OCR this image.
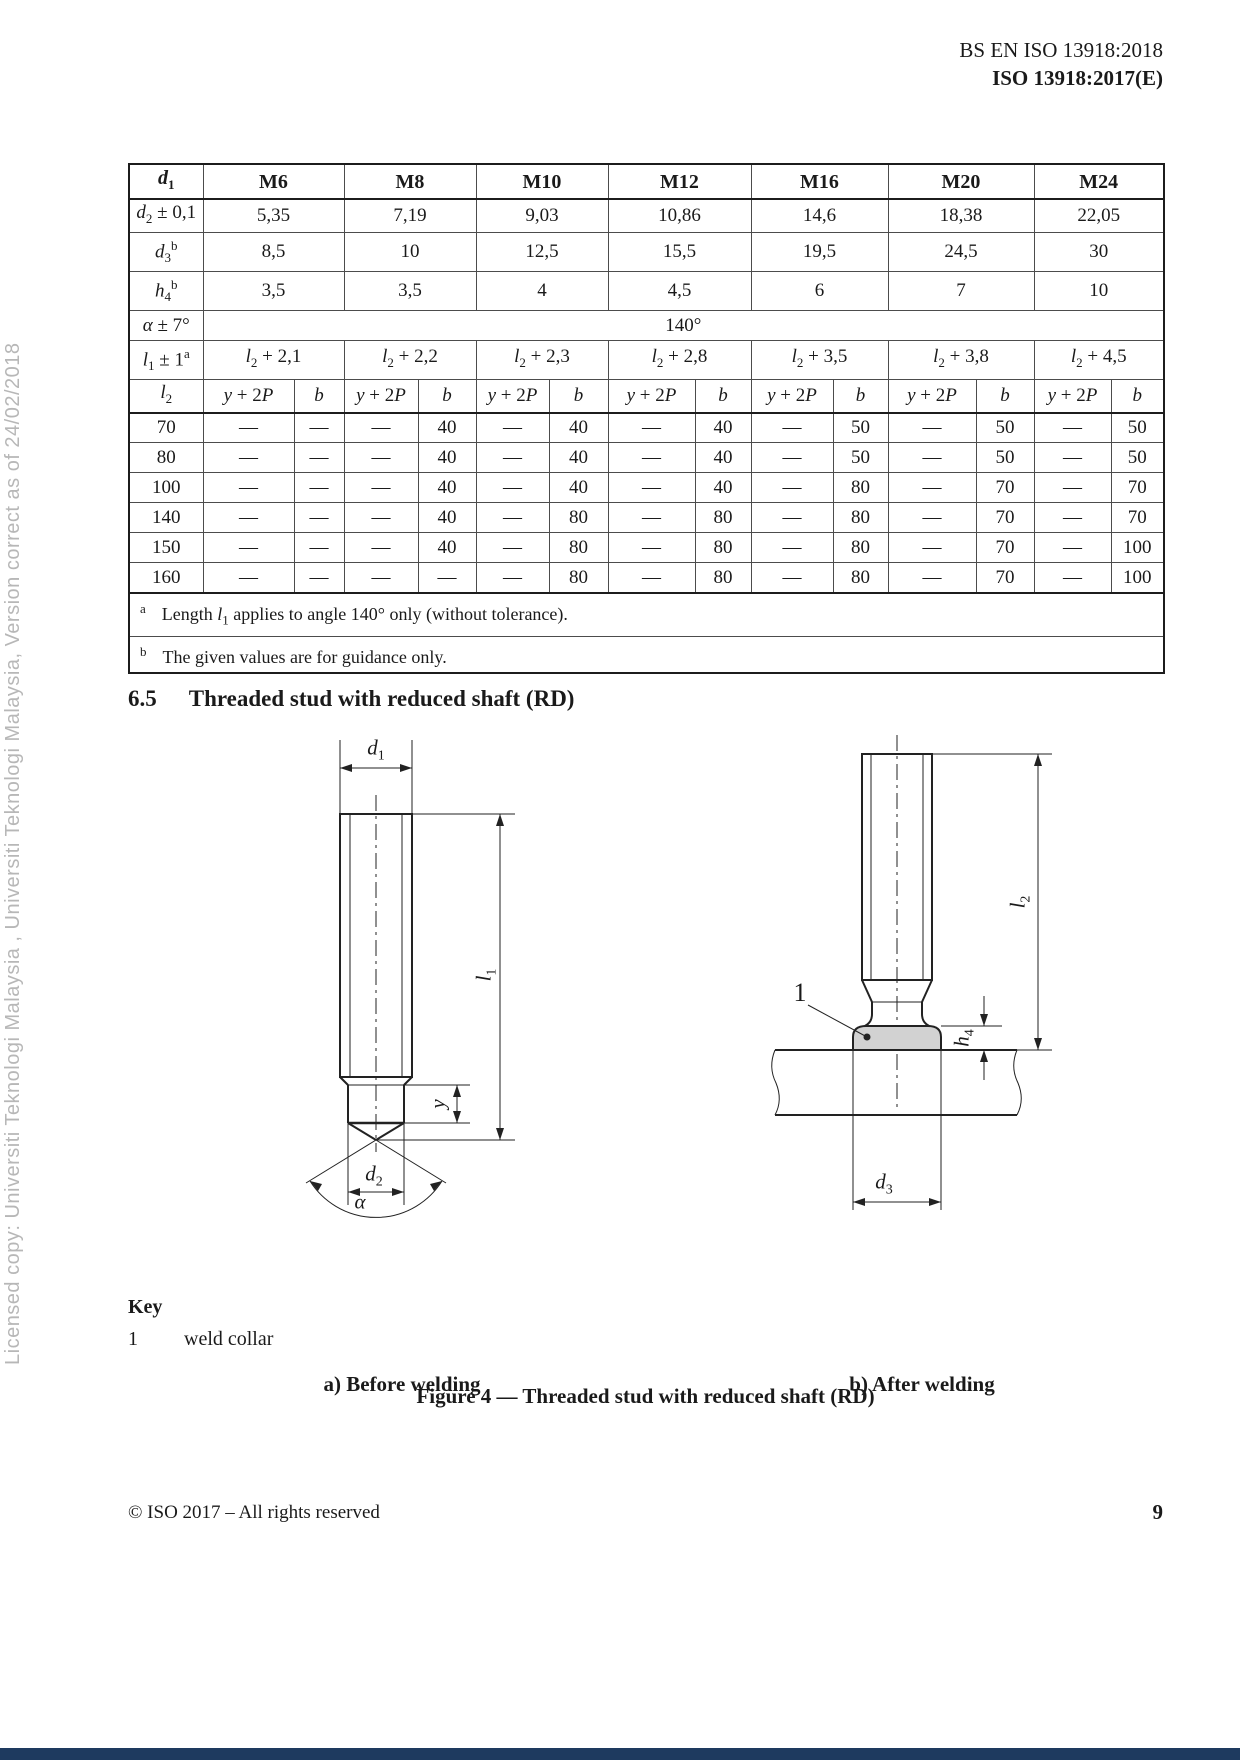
Licensed copy: Universiti Teknologi Malaysia , Universiti Teknologi Malaysia, Version correct as of 24/02/2018
BS EN ISO 13918:2018
ISO 13918:2017(E)
$d_1$	M6		M8		M10		M12		M16		M20		M24	
$d_2 \pm 0,1$	5,35		7,19		9,03		10,86		14,6		18,38		22,05	
$d_3^b$	8,5		10		12,5		15,5		19,5		24,5		30	
$h_4^b$	3,5		3,5		4		4,5		6		7		10	
α ± 7°	140°													
$l_1 \pm 1^a$	$l_2 + 2,1$		$l_2 + 2,2$		$l_2 + 2,3$		$l_2 + 2,8$		$l_2 + 3,5$		$l_2 + 3,8$		$l_2 + 4,5$	
$l_2$	y + 2P	b	y + 2P	b	y + 2P	b	y + 2P	b	y + 2P	b	y + 2P	b	y + 2P	b
70	—	—	—	40	—	40	—	40	—	50	—	50	—	50
80	—	—	—	40	—	40	—	40	—	50	—	50	—	50
100	—	—	—	40	—	40	—	40	—	80	—	70	—	70
140	—	—	—	40	—	80	—	80	—	80	—	70	—	70
150	—	—	—	40	—	80	—	80	—	80	—	70	—	100
160	—	—	—	—	—	80	—	80	—	80	—	70	—	100
$^a$ Length $l_1$ applies to angle 140° only (without tolerance).														
$^b$ The given values are for guidance only.														
6.5 Threaded stud with reduced shaft (RD)
$d_1$
$l_1$
y
$d_2$
α
1
$l_2$
$h_4$
$d_3$
a) Before welding	b) After welding
Key
1 weld collar
Figure 4 — Threaded stud with reduced shaft (RD)
© ISO 2017 – All rights reserved	9
